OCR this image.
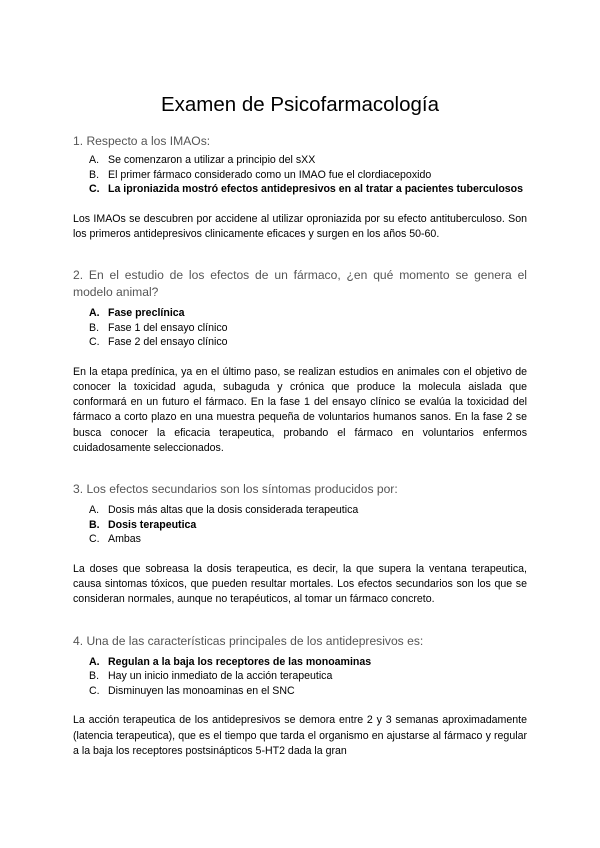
Examen de Psicofarmacología

1. Respecto a los IMAOs:

A. Se comenzaron a utilizar a principio del sXX
B. El primer fármaco considerado como un IMAO fue el clordiacepoxido
C. La iproniazida mostró efectos antidepresivos en al tratar a pacientes tuberculosos

Los IMAOs se descubren por accidene al utilizar oproniazida por su efecto antituberculoso. Son los primeros antidepresivos clinicamente eficaces y surgen en los años 50-60.

2. En el estudio de los efectos de un fármaco, ¿en qué momento se genera el modelo animal?

A. Fase preclínica
B. Fase 1 del ensayo clínico
C. Fase 2 del ensayo clínico

En la etapa predínica, ya en el último paso, se realizan estudios en animales con el objetivo de conocer la toxicidad aguda, subaguda y crónica que produce la molecula aislada que conformará en un futuro el fármaco. En la fase 1 del ensayo clínico se evalúa la toxicidad del fármaco a corto plazo en una muestra pequeña de voluntarios humanos sanos. En la fase 2 se busca conocer la eficacia terapeutica, probando el fármaco en voluntarios enfermos cuidadosamente seleccionados.

3. Los efectos secundarios son los síntomas producidos por:

A. Dosis más altas que la dosis considerada terapeutica
B. Dosis terapeutica
C. Ambas

La doses que sobreasa la dosis terapeutica, es decir, la que supera la ventana terapeutica, causa sintomas tóxicos, que pueden resultar mortales. Los efectos secundarios son los que se consideran normales, aunque no terapéuticos, al tomar un fármaco concreto.

4. Una de las características principales de los antidepresivos es:

A. Regulan a la baja los receptores de las monoaminas
B. Hay un inicio inmediato de la acción terapeutica
C. Disminuyen las monoaminas en el SNC

La acción terapeutica de los antidepresivos se demora entre 2 y 3 semanas aproximadamente (latencia terapeutica), que es el tiempo que tarda el organismo en ajustarse al fármaco y regular a la baja los receptores postsinápticos 5-HT2 dada la gran
